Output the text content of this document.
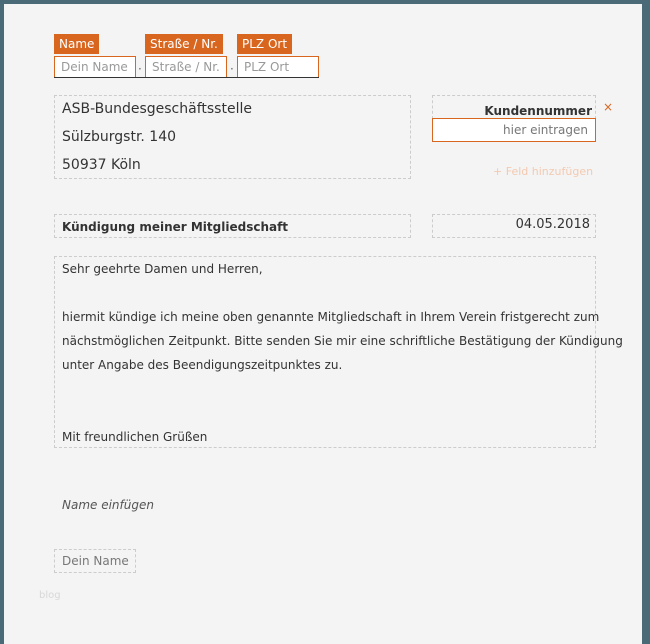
Name
Dein Name ·
Straße / Nr.
Straße / Nr. ·
PLZ Ort
PLZ Ort
ASB-Bundesgeschäftsstelle
Sülzburgstr. 140
50937 Köln
Kundennummer ×
hier eintragen
+ Feld hinzufügen
Kündigung meiner Mitgliedschaft	04.05.2018
Sehr geehrte Damen und Herren,
hiermit kündige ich meine oben genannte Mitgliedschaft in Ihrem Verein fristgerecht zum
nächstmöglichen Zeitpunkt. Bitte senden Sie mir eine schriftliche Bestätigung der Kündigung
unter Angabe des Beendigungszeitpunktes zu.
Mit freundlichen Grüßen
Name einfügen
Dein Name
blog
